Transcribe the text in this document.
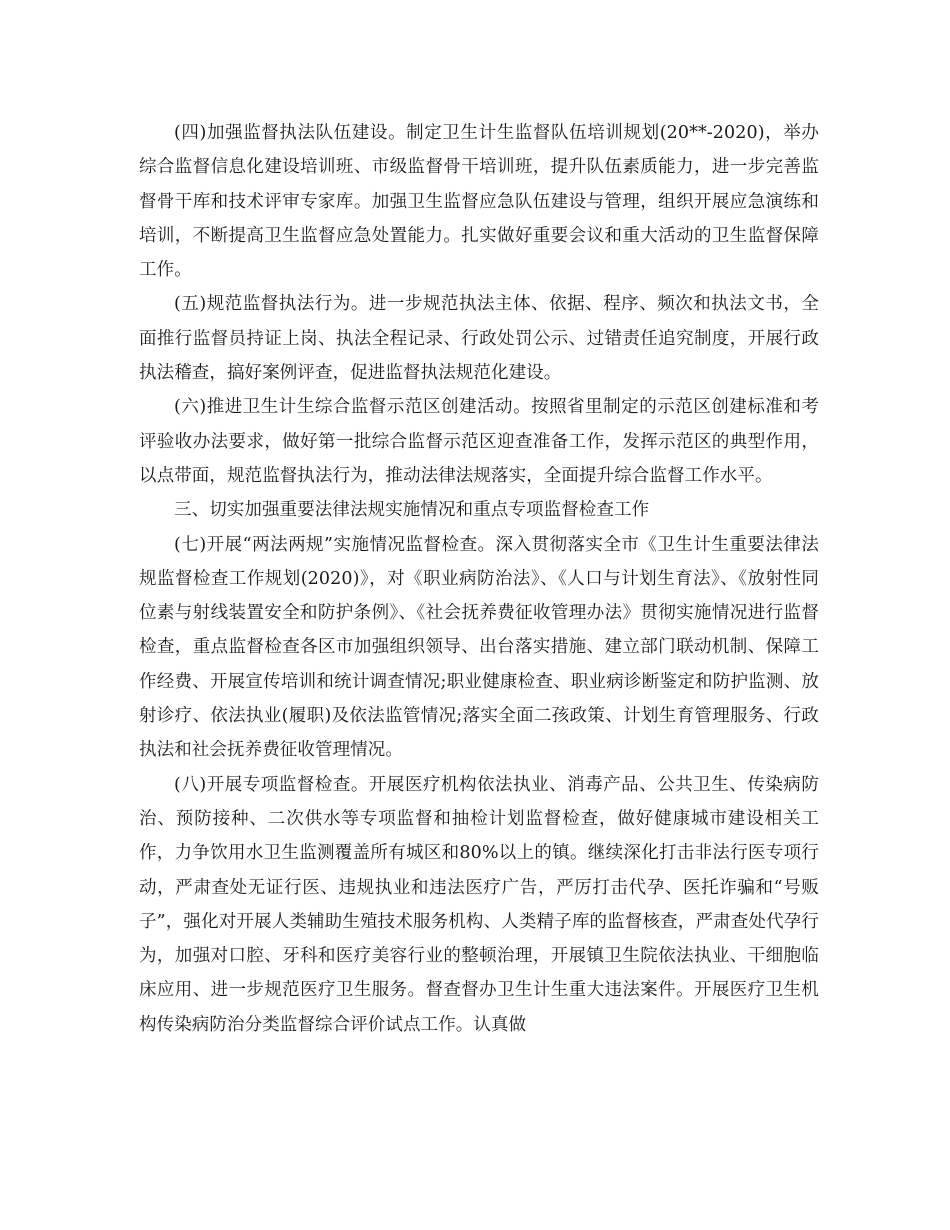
(四)加强监督执法队伍建设。制定卫生计生监督队伍培训规划(20**-2020)，举办综合监督信息化建设培训班、市级监督骨干培训班，提升队伍素质能力，进一步完善监督骨干库和技术评审专家库。加强卫生监督应急队伍建设与管理，组织开展应急演练和培训，不断提高卫生监督应急处置能力。扎实做好重要会议和重大活动的卫生监督保障工作。

(五)规范监督执法行为。进一步规范执法主体、依据、程序、频次和执法文书，全面推行监督员持证上岗、执法全程记录、行政处罚公示、过错责任追究制度，开展行政执法稽查，搞好案例评查，促进监督执法规范化建设。

(六)推进卫生计生综合监督示范区创建活动。按照省里制定的示范区创建标准和考评验收办法要求，做好第一批综合监督示范区迎查准备工作，发挥示范区的典型作用，以点带面，规范监督执法行为，推动法律法规落实，全面提升综合监督工作水平。

三、切实加强重要法律法规实施情况和重点专项监督检查工作

(七)开展“两法两规”实施情况监督检查。深入贯彻落实全市《卫生计生重要法律法规监督检查工作规划(2020)》，对《职业病防治法》、《人口与计划生育法》、《放射性同位素与射线装置安全和防护条例》、《社会抚养费征收管理办法》贯彻实施情况进行监督检查，重点监督检查各区市加强组织领导、出台落实措施、建立部门联动机制、保障工作经费、开展宣传培训和统计调查情况;职业健康检查、职业病诊断鉴定和防护监测、放射诊疗、依法执业(履职)及依法监管情况;落实全面二孩政策、计划生育管理服务、行政执法和社会抚养费征收管理情况。

(八)开展专项监督检查。开展医疗机构依法执业、消毒产品、公共卫生、传染病防治、预防接种、二次供水等专项监督和抽检计划监督检查，做好健康城市建设相关工作，力争饮用水卫生监测覆盖所有城区和80%以上的镇。继续深化打击非法行医专项行动，严肃查处无证行医、违规执业和违法医疗广告，严厉打击代孕、医托诈骗和“号贩子”，强化对开展人类辅助生殖技术服务机构、人类精子库的监督核查，严肃查处代孕行为，加强对口腔、牙科和医疗美容行业的整顿治理，开展镇卫生院依法执业、干细胞临床应用、进一步规范医疗卫生服务。督查督办卫生计生重大违法案件。开展医疗卫生机构传染病防治分类监督综合评价试点工作。认真做
